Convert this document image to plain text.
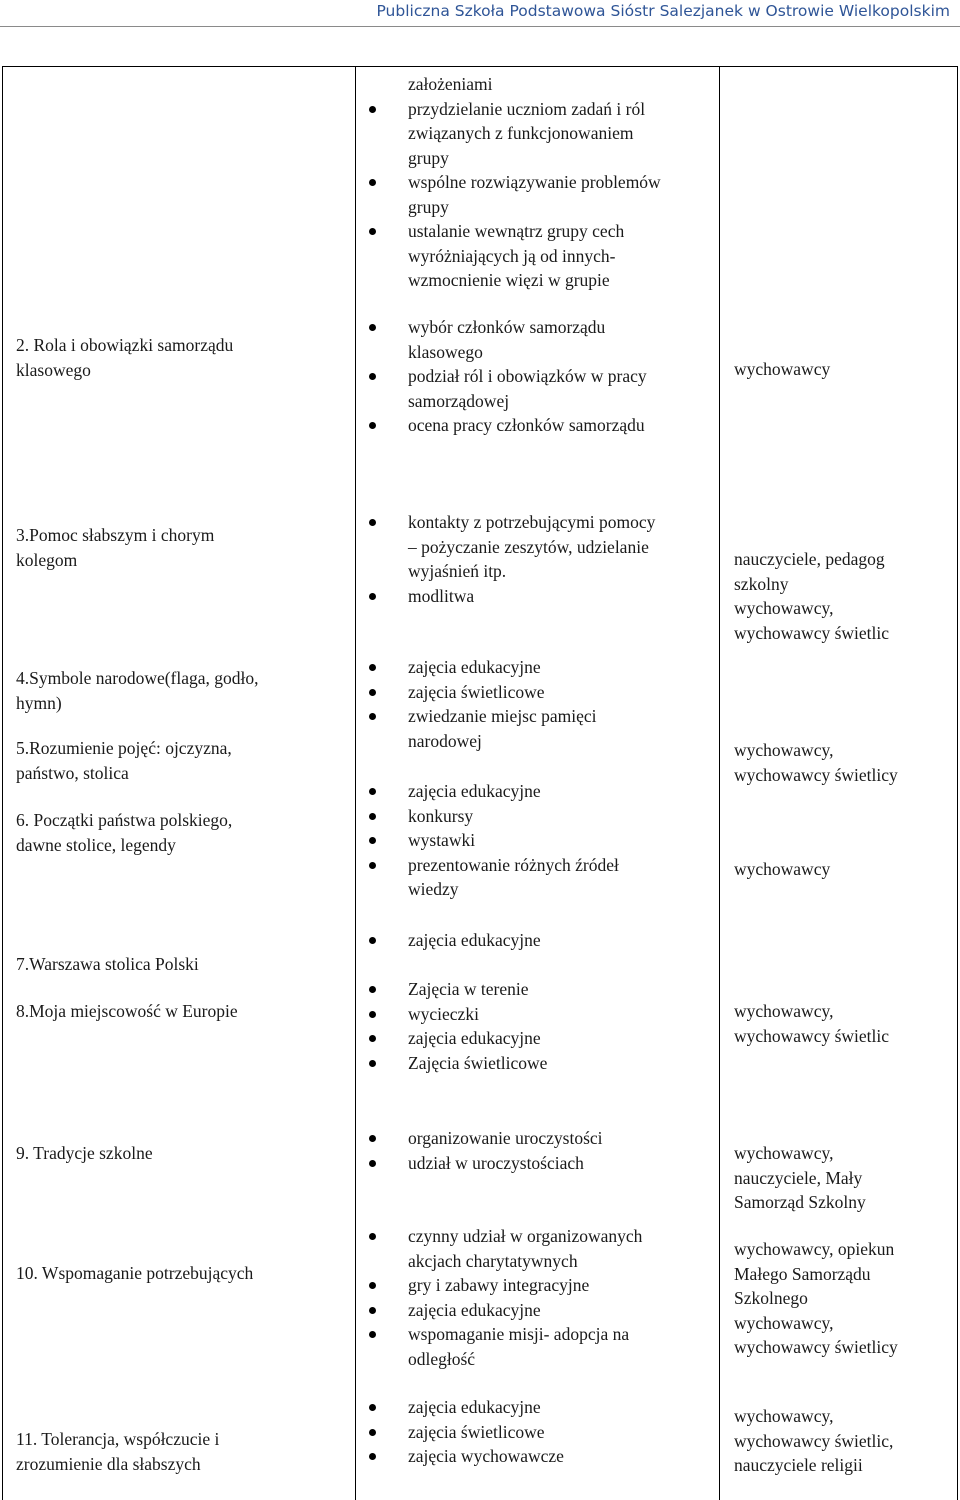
Publiczna Szkoła Podstawowa Sióstr Salezjanek w Ostrowie Wielkopolskim
założeniami
przydzielanie uczniom zadań i ról
związanych z funkcjonowaniem
grupy
wspólne rozwiązywanie problemów
grupy
ustalanie wewnątrz grupy cech
wyróżniających ją od innych-
wzmocnienie więzi w grupie
2. Rola i obowiązki samorządu
klasowego
wybór członków samorządu
klasowego
podział ról i obowiązków w pracy
samorządowej
ocena pracy członków samorządu
wychowawcy
3.Pomoc słabszym i chorym
kolegom
kontakty z potrzebującymi pomocy
– pożyczanie zeszytów, udzielanie
wyjaśnień itp.
modlitwa
nauczyciele, pedagog
szkolny
wychowawcy,
wychowawcy świetlic
4.Symbole narodowe(flaga, godło,
hymn)
5.Rozumienie pojęć: ojczyzna,
państwo, stolica
6. Początki państwa polskiego,
dawne stolice, legendy
zajęcia edukacyjne
zajęcia świetlicowe
zwiedzanie miejsc pamięci
narodowej
zajęcia edukacyjne
konkursy
wystawki
prezentowanie różnych źródeł
wiedzy
wychowawcy,
wychowawcy świetlicy
wychowawcy
7.Warszawa stolica Polski
8.Moja miejscowość w Europie
zajęcia edukacyjne
Zajęcia w terenie
wycieczki
zajęcia edukacyjne
Zajęcia świetlicowe
wychowawcy,
wychowawcy świetlic
9. Tradycje szkolne
organizowanie uroczystości
udział w uroczystościach	wychowawcy,
nauczyciele, Mały
Samorząd Szkolny
10. Wspomaganie potrzebujących
czynny udział w organizowanych
akcjach charytatywnych
gry i zabawy integracyjne
zajęcia edukacyjne
wspomaganie misji- adopcja na
odległość
wychowawcy, opiekun
Małego Samorządu
Szkolnego
wychowawcy,
wychowawcy świetlicy
11. Tolerancja, współczucie i
zrozumienie dla słabszych
zajęcia edukacyjne
zajęcia świetlicowe
zajęcia wychowawcze
wychowawcy,
wychowawcy świetlic,
nauczyciele religii
